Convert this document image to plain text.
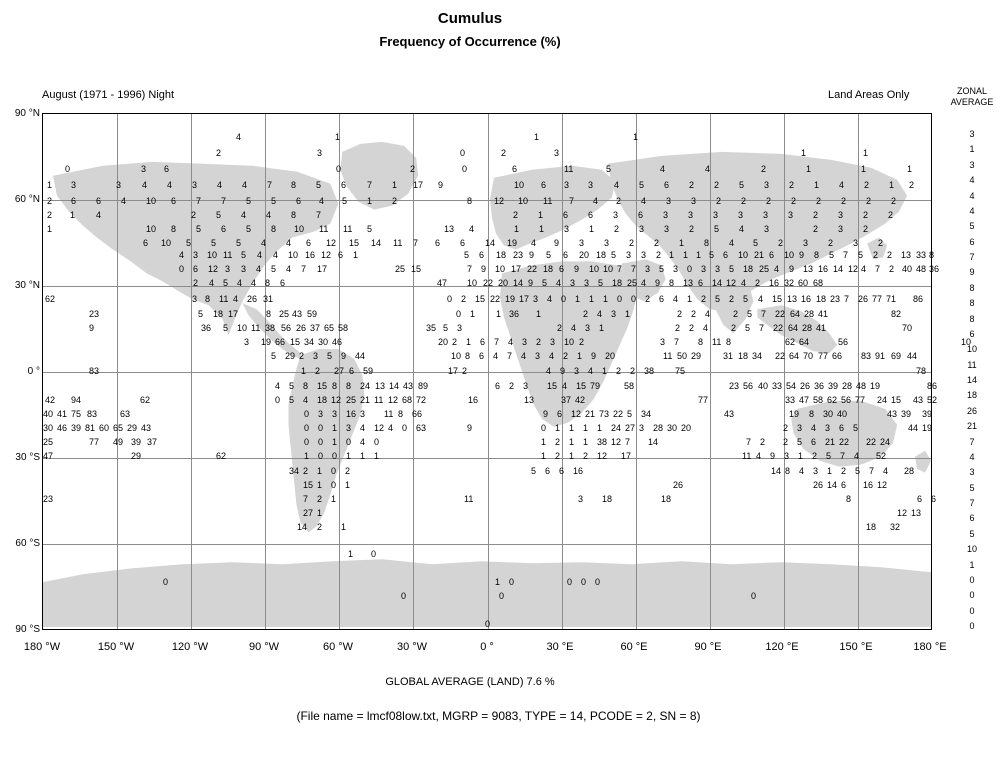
Cumulus
Frequency of Occurrence (%)
August (1971 - 1996) Night	Land Areas Only	ZONAL
AVERAGE
4	1	1	1
2	3	0	2	3	1	1
0	3 6	0	2	0	6	11	5	4	4	2	1	1	1
1 3	3 4 4 3 4 4 7 8 5 6 7 1 17 9	10 6 3 3 4 5 6 2 2 5 3 2 1 4 2 1 2
2 6 6 4 10 6 7 7 5 5 6 4 5 1 2	8 12 10 11 7 4 2 4 3 3 2 2 2 2 2 2 2 2
2 1 4	2 5 4 4 8 7	2 1 6 6 3 6 3 3 3 3 3 3 2 3 2 2
1	10 8 5 6 5 8 10 11 11 5	13 4	1 1 3 1 2 3 3 2 5 4 3	2 3 2
6 10 5 5 5 4 4 6 12 15 14 11 7 6 6 14 19 4 9 3 3 2 2 1 8 4 5 2 3 2 3 2
4 3 10 11 5 4 4 10 16 12 6 1	5 6 18 23 9 5 6 20 18 5 3 3 2 1 1 1 5 6 10 21 6 10 9 8 5 7 5 2 2 13 33 8
0 6 12 3 3 4 5 4 7 17	25 15	7 9 10 17 22 18 6 9 10 10 7 7 3 5 3 0 3 3 5 18 25 4 9 13 16 14 12 4 7 2 40 48 36
2 4 5 4 4 8 6	47 10 22 20 14 9 5 4 3 3 5 18 25 4 9 8 13 6 14 12 4 2 16 32 60 68
62	3 8 11 4 26 31	0 2 15 22 19 17 3 4 0 1 1 1 0 0 2 6 4 1 2 5 2 5 4 15 13 16 18 23 7 26 77 71 86
23	5 18 17	8 25 43 59	0 1 1 36 1	2 4 3 1	2 2 4	2 5 7 22 64 28 41	82
9	36 5 10 11 38 56 26 37 65 58	35 5 3	2 4 3 1	2 2 4	2 5 7 22 64 28 41	70
3 19 66 15 34 30 46	20 2 1 6 7 4 3 2 3 10 2	3 7 8 11 8	62 64	56	10
5 29 2 3 5 9 44	10 8 6 4 7 4 3 4 2 1 9 20	11 50 29 31 18 34 22 64 70 77 66 83 91 69 44
83	1 2 27 6 59	17 2	4 9 3 4 1 2 2 38 75	78
4 5 8 15 8 8 24 13 14 43 89	6 2 3 15 4 15 79	58	23 56 40 33 54 26 36 39 28 48 19	86
42 94	62	0 5 4 18 12 25 21 11 12 68 72	16	13	37 42	77	33 47 58 62 56 77 24 15 43 52
40 41 75 83	63	0 3 3 16 3 11 8 66	9 6 12 21 73 22 5 34	43	19 8 30 40	43 39 39
30 46 39 81 60 65 29 43	0 0 1 3 4 12 4 0 63	9	0 1 1 1 1 24 27 3 28 30 20	2 3 4 3 6 5	44 19
25	77 49 39 37	0 0 1 0 4 0	1 2 1 1 38 12 7 14	7 2 2 5 6 21 22 22 24
47	29	62	1 0 0 1 1 1	1 2 1 2 12 17	11 4 9 3 1 2 5 7 4 52
34 2 1 0 2	5 6 6 16	14 8 4 3 1 2 5 7 4 28
15 1 0 1	26	26 14 6 16 12
23	7 2 1	11	3 18	18	8	6 6
27 1	12 13
14 2 1	18 32
1 0
0	1 0	0 0 0
0	0	0
0
90 °N
60 °N
30 °N
0 °
30 °S
60 °S
90 °S
180 °W	150 °W	120 °W	90 °W	60 °W	30 °W	0 °	30 °E	60 °E	90 °E	120 °E	150 °E	180 °E
3
1
3
4
4
4
5
6
7
9
8
8
8
6
10
11
14
18
26
21
7
4
3
5
7
6
5
10
1
0
0
0
0
GLOBAL AVERAGE (LAND) 7.6 %
(File name = lmcf08low.txt, MGRP = 9083, TYPE = 14, PCODE = 2, SN = 8)
